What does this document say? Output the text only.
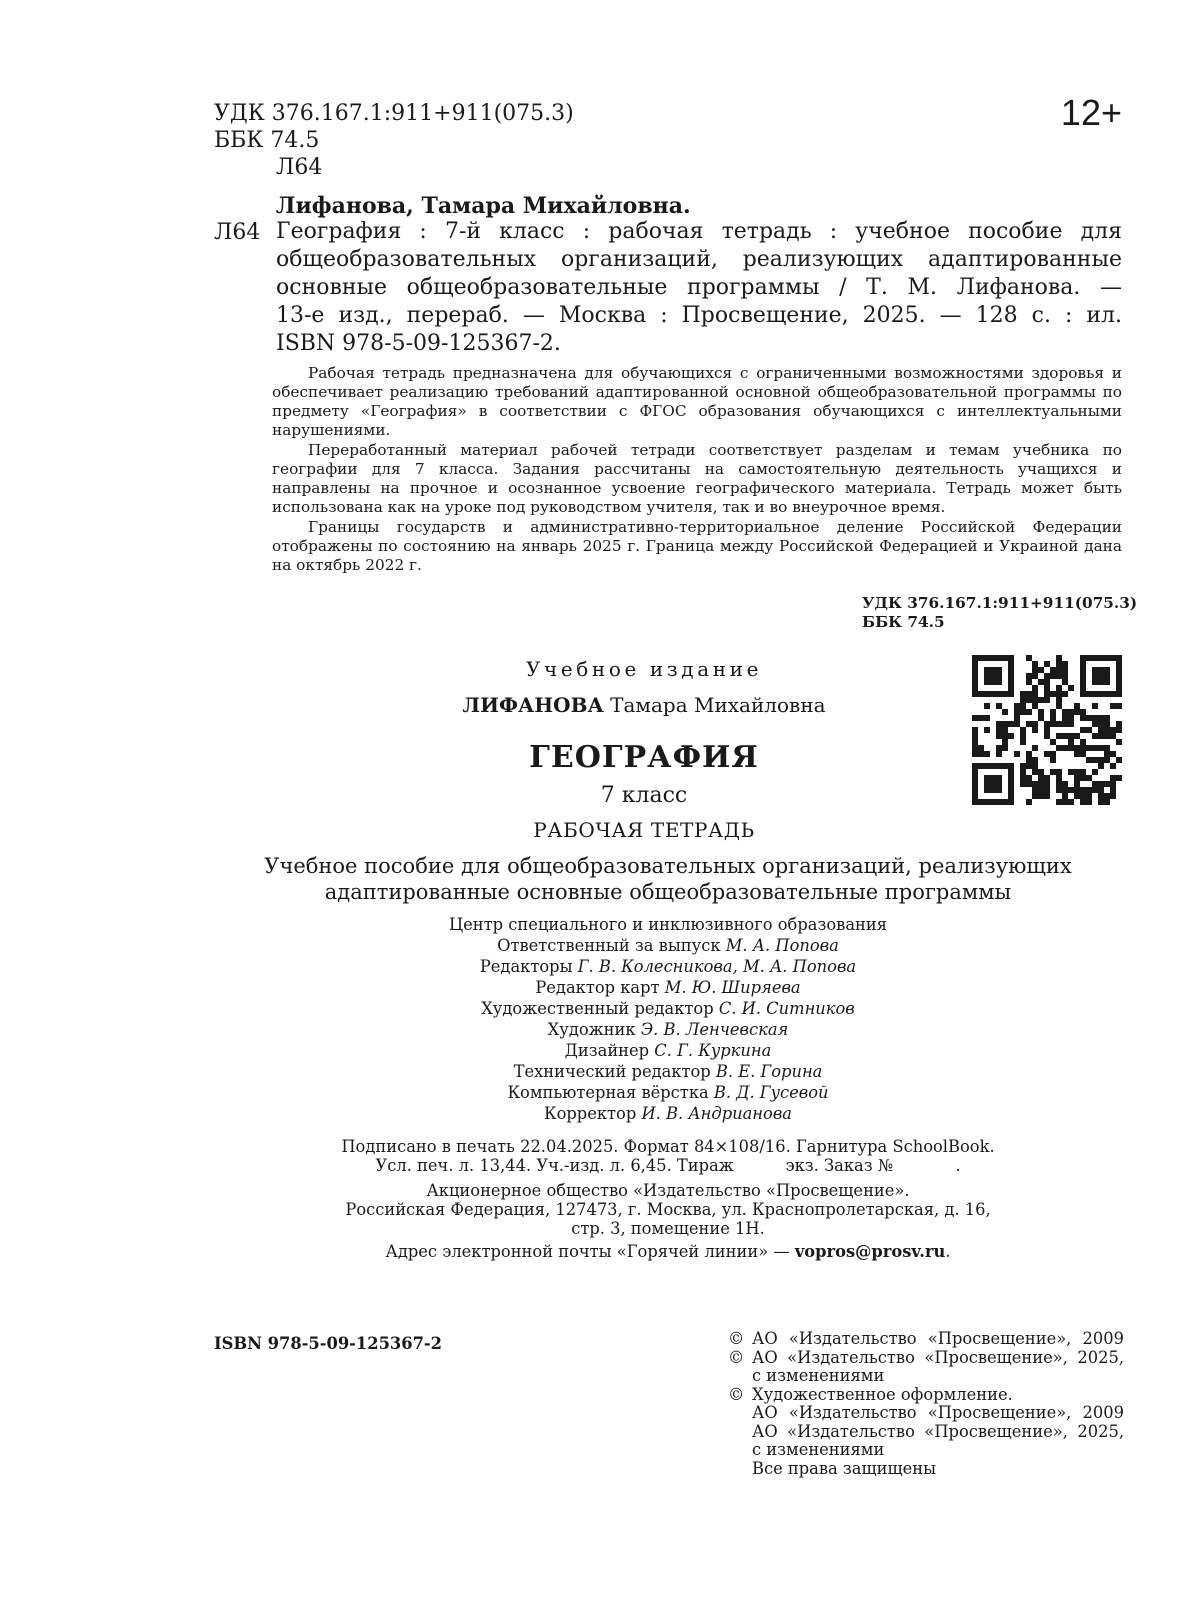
УДК 376.167.1:911+911(075.3)
ББК 74.5
Л64
12+
Лифанова, Тамара Михайловна.
Л64 География : 7-й класс : рабочая тетрадь : учебное пособие для
общеобразовательных организаций, реализующих адаптированные
основные общеобразовательные программы / Т. М. Лифанова. —
13-е изд., перераб. — Москва : Просвещение, 2025. — 128 с. : ил.
ISBN 978-5-09-125367-2.

Рабочая тетрадь предназначена для обучающихся с ограниченными возможностями здоровья и обеспечивает реализацию требований адаптированной основной общеобразовательной программы по предмету «География» в соответствии с ФГОС образования обучающихся с интеллектуальными нарушениями.

Переработанный материал рабочей тетради соответствует разделам и темам учебника по географии для 7 класса. Задания рассчитаны на самостоятельную деятельность учащихся и направлены на прочное и осознанное усвоение географического материала. Тетрадь может быть использована как на уроке под руководством учителя, так и во внеурочное время.

Границы государств и административно-территориальное деление Российской Федерации отображены по состоянию на январь 2025 г. Граница между Российской Федерацией и Украиной дана на октябрь 2022 г.

УДК 376.167.1:911+911(075.3)
ББК 74.5
Учебное издание
ЛИФАНОВА Тамара Михайловна
ГЕОГРАФИЯ
7 класс
РАБОЧАЯ ТЕТРАДЬ
Учебное пособие для общеобразовательных организаций, реализующих
адаптированные основные общеобразовательные программы
Центр специального и инклюзивного образования
Ответственный за выпуск М. А. Попова
Редакторы Г. В. Колесникова, М. А. Попова
Редактор карт М. Ю. Ширяева
Художественный редактор С. И. Ситников
Художник Э. В. Ленчевская
Дизайнер С. Г. Куркина
Технический редактор В. Е. Горина
Компьютерная вёрстка В. Д. Гусевой
Корректор И. В. Андрианова
Подписано в печать 22.04.2025. Формат 84×108/16. Гарнитура SchoolBook.
Усл. печ. л. 13,44. Уч.-изд. л. 6,45. Тираж          экз. Заказ №            .
Акционерное общество «Издательство «Просвещение».
Российская Федерация, 127473, г. Москва, ул. Краснопролетарская, д. 16,
стр. 3, помещение 1Н.
Адрес электронной почты «Горячей линии» — vopros@prosv.ru.
ISBN 978-5-09-125367-2	© АО «Издательство «Просвещение», 2009
© АО «Издательство «Просвещение», 2025,
с изменениями
© Художественное оформление.
АО «Издательство «Просвещение», 2009
АО «Издательство «Просвещение», 2025,
с изменениями
Все права защищены
